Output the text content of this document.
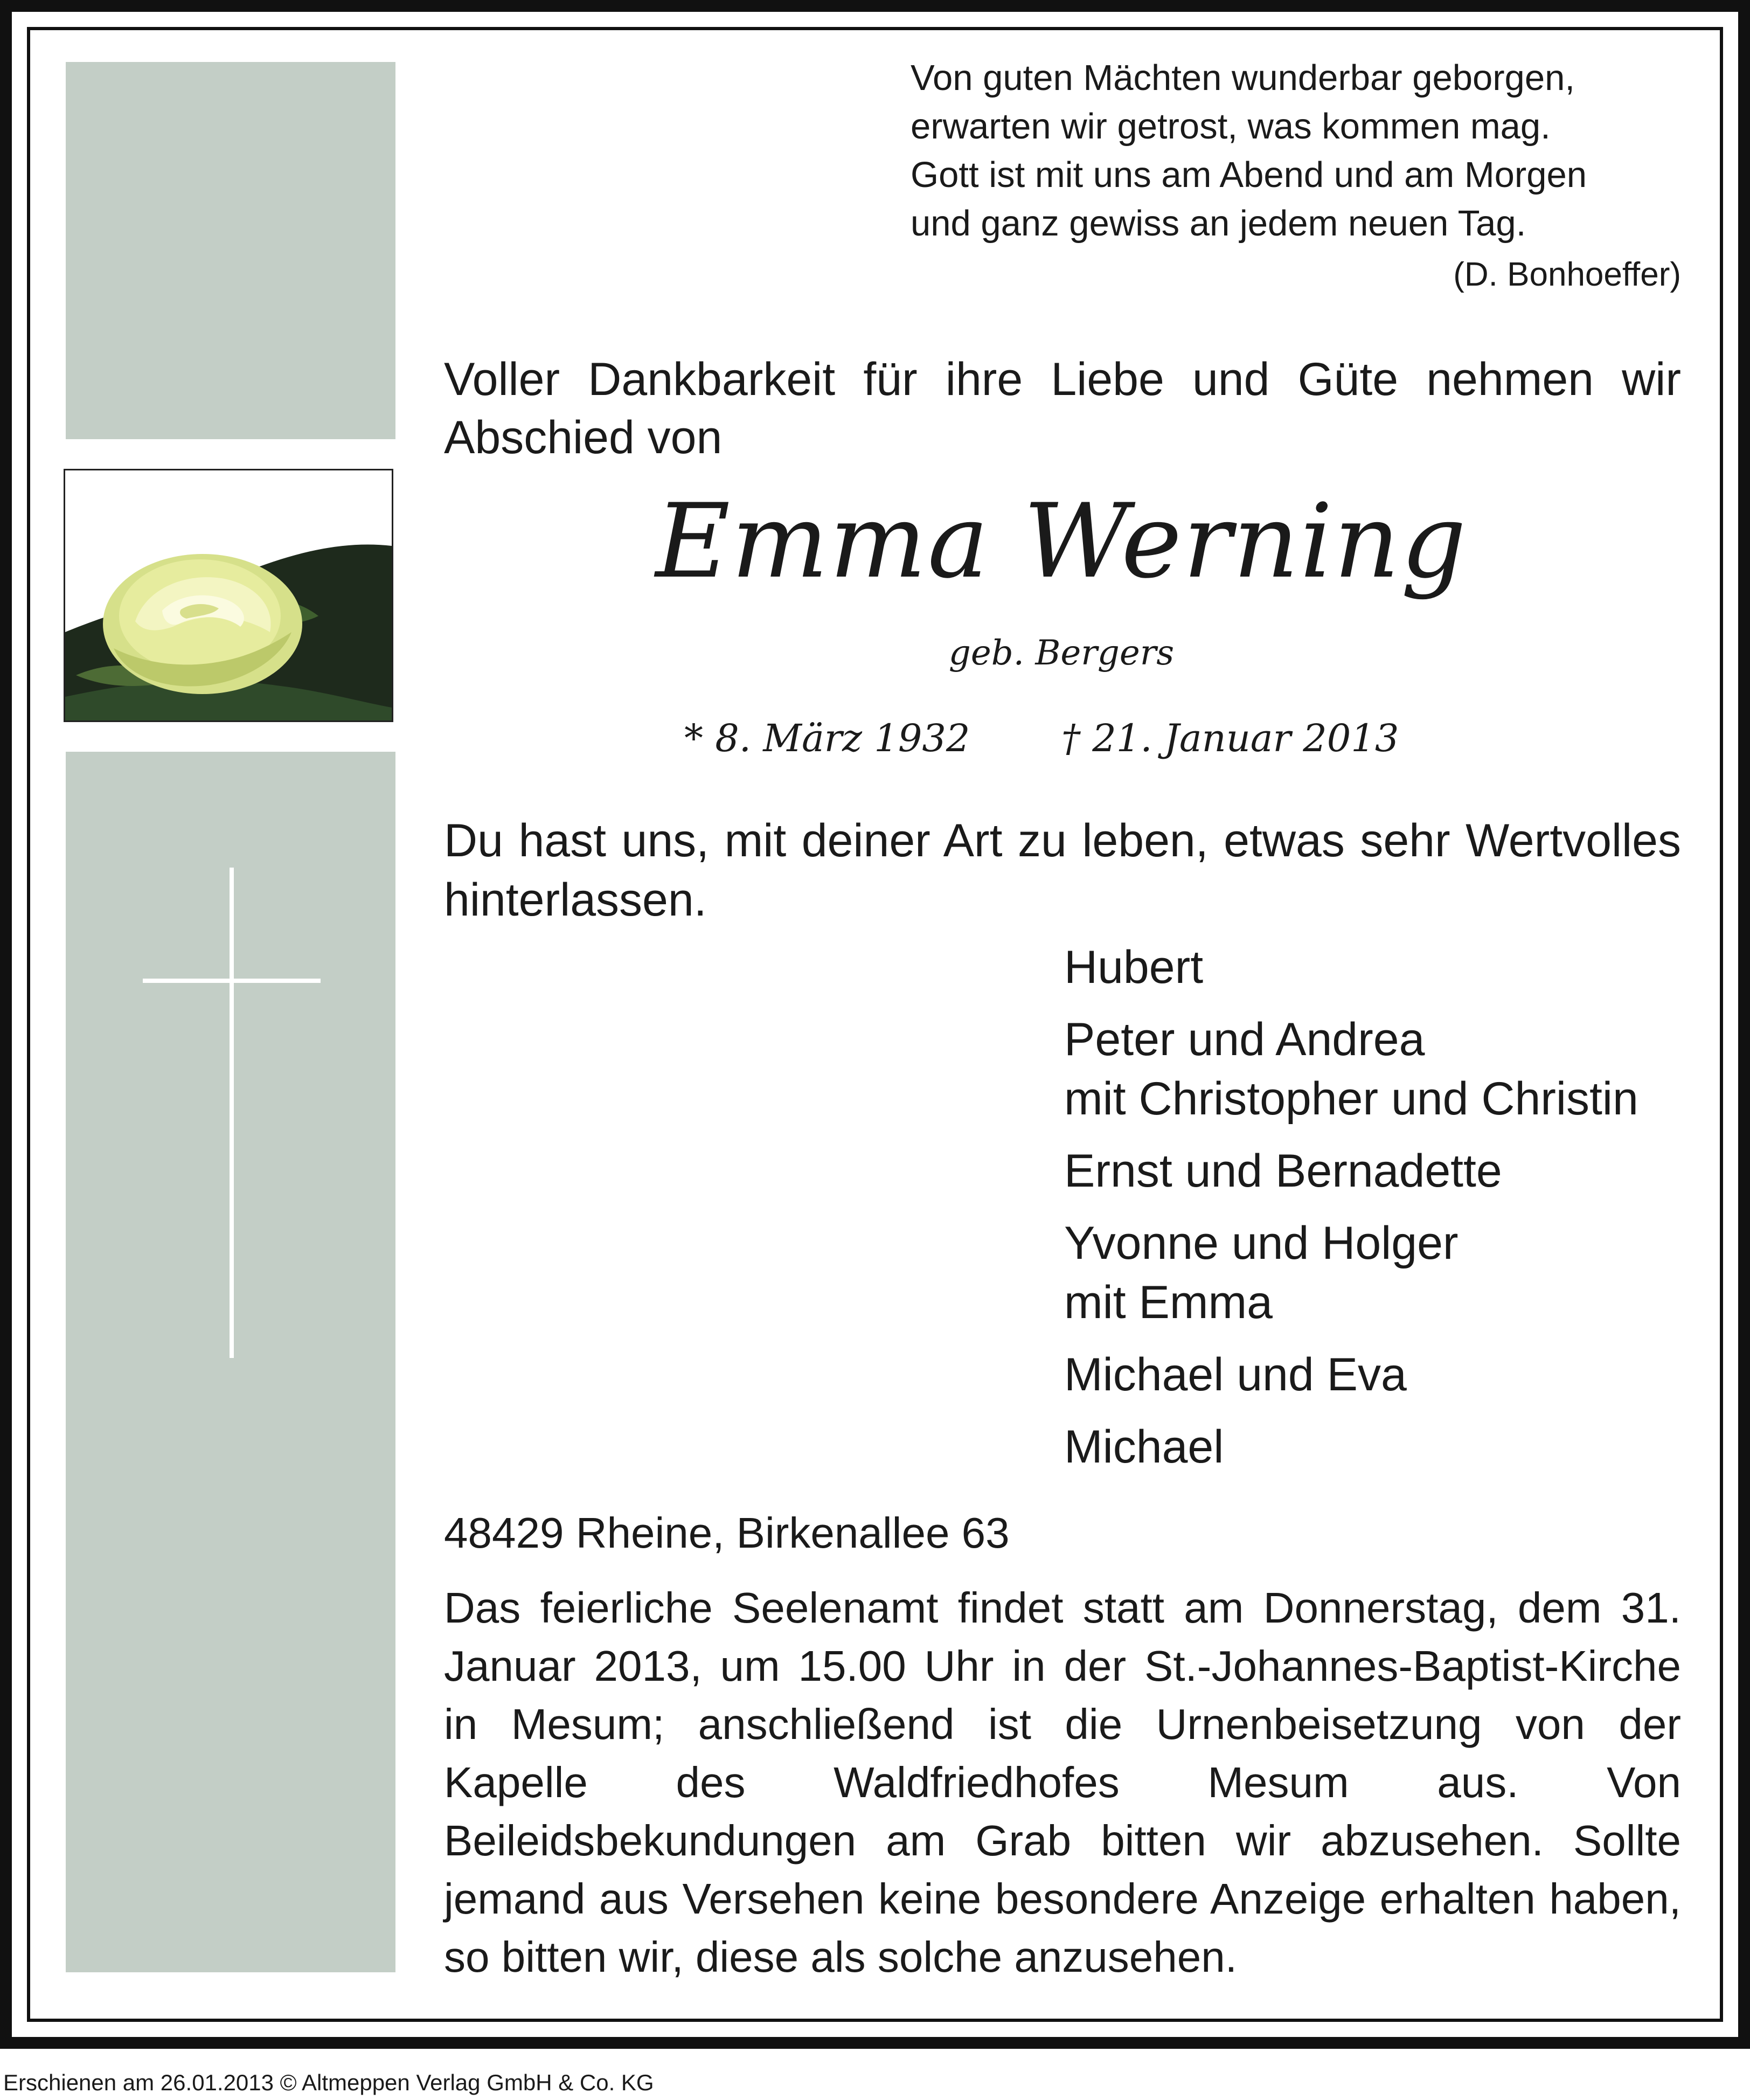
Von guten Mächten wunderbar geborgen,
erwarten wir getrost, was kommen mag.
Gott ist mit uns am Abend und am Morgen
und ganz gewiss an jedem neuen Tag.
(D. Bonhoeffer)
Voller Dankbarkeit für ihre Liebe und Güte nehmen wir Abschied von
Emma Werning
geb. Bergers
* 8. März 1932 † 21. Januar 2013
Du hast uns, mit deiner Art zu leben, etwas sehr Wertvolles hinterlassen.
Hubert
Peter und Andrea
mit Christopher und Christin
Ernst und Bernadette
Yvonne und Holger
mit Emma
Michael und Eva
Michael
48429 Rheine, Birkenallee 63
Das feierliche Seelenamt findet statt am Donnerstag, dem 31. Januar 2013, um 15.00 Uhr in der St.-Johannes-Baptist-Kirche in Mesum; anschließend ist die Urnenbeisetzung von der Kapelle des Waldfriedhofes Mesum aus. Von Beileidsbekundungen am Grab bitten wir abzusehen. Sollte jemand aus Versehen keine besondere Anzeige erhalten haben, so bitten wir, diese als solche anzusehen.
Erschienen am 26.01.2013 © Altmeppen Verlag GmbH & Co. KG
